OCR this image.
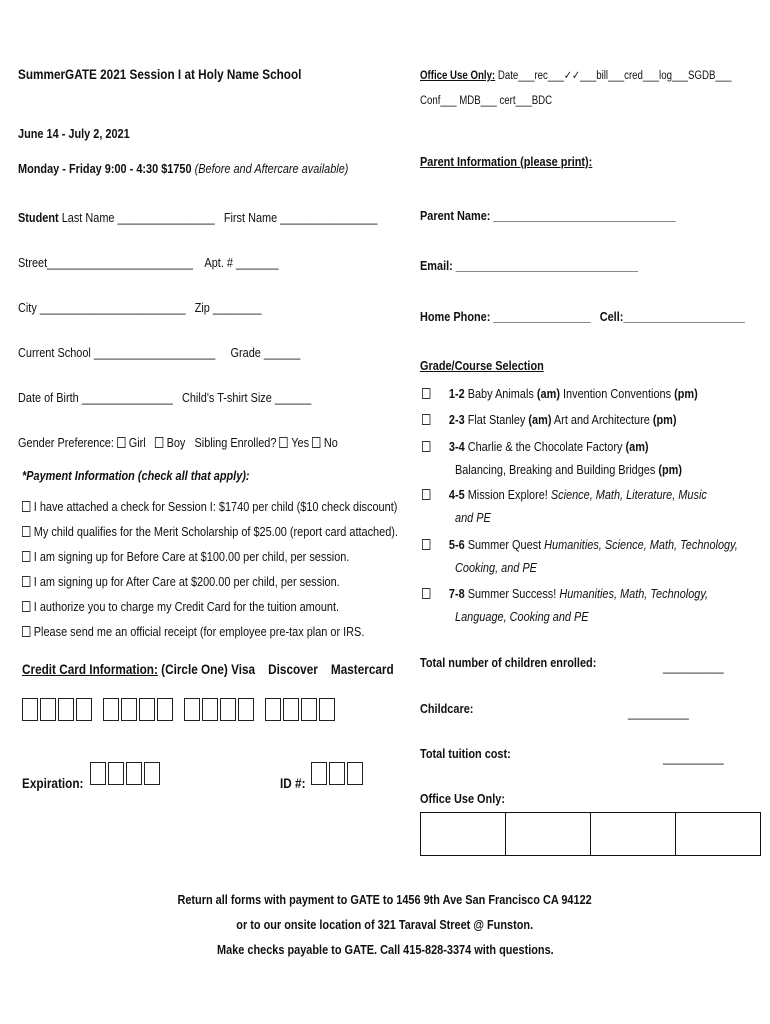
SummerGATE 2021 Session I at Holy Name School
June 14 - July 2, 2021
Monday - Friday 9:00 - 4:30 $1750 (Before and Aftercare available)
Student Last Name ________________ First Name ________________
Street________________________ Apt. # _______
City ________________________ Zip ________
Current School ____________________ Grade ______
Date of Birth _______________ Child's T-shirt Size ______
Gender Preference: Girl Boy Sibling Enrolled? Yes No
*Payment Information (check all that apply):
I have attached a check for Session I: $1740 per child ($10 check discount)
My child qualifies for the Merit Scholarship of $25.00 (report card attached).
I am signing up for Before Care at $100.00 per child, per session.
I am signing up for After Care at $200.00 per child, per session.
I authorize you to charge my Credit Card for the tuition amount.
Please send me an official receipt (for employee pre-tax plan or IRS.
Credit Card Information: (Circle One) Visa Discover Mastercard
Expiration:	ID #:
Office Use Only: Date___rec___✓✓___bill___cred___log___SGDB___
Conf___ MDB___ cert___BDC
Parent Information (please print):
Parent Name: ______________________________
Email: ______________________________
Home Phone: ________________ Cell:____________________
Grade/Course Selection
1-2 Baby Animals (am) Invention Conventions (pm)
2-3 Flat Stanley (am) Art and Architecture (pm)
3-4 Charlie & the Chocolate Factory (am)
Balancing, Breaking and Building Bridges (pm)
4-5 Mission Explore! Science, Math, Literature, Music
and PE
5-6 Summer Quest Humanities, Science, Math, Technology,
Cooking, and PE
7-8 Summer Success! Humanities, Math, Technology,
Language, Cooking and PE
Total number of children enrolled:	__________
Childcare:	__________
Total tuition cost:	__________
Office Use Only:
Return all forms with payment to GATE to 1456 9th Ave San Francisco CA 94122
or to our onsite location of 321 Taraval Street @ Funston.
Make checks payable to GATE. Call 415-828-3374 with questions.
